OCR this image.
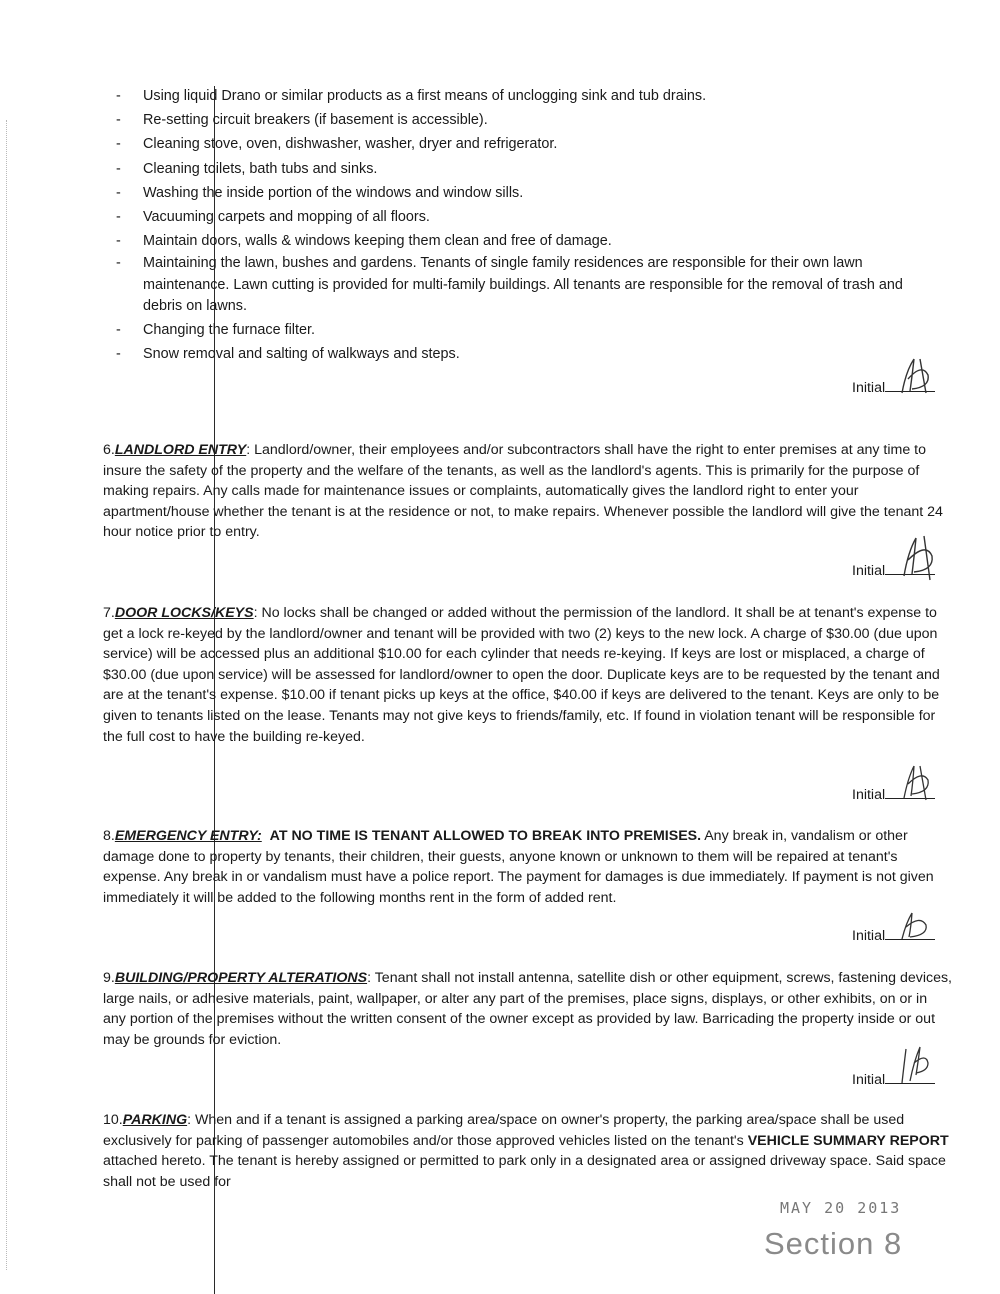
- Using liquid Drano or similar products as a first means of unclogging sink and tub drains.
- Re-setting circuit breakers (if basement is accessible).
- Cleaning stove, oven, dishwasher, washer, dryer and refrigerator.
- Cleaning toilets, bath tubs and sinks.
- Washing the inside portion of the windows and window sills.
- Vacuuming carpets and mopping of all floors.
- Maintain doors, walls & windows keeping them clean and free of damage.
- Maintaining the lawn, bushes and gardens. Tenants of single family residences are responsible for their own lawn maintenance. Lawn cutting is provided for multi-family buildings. All tenants are responsible for the removal of trash and debris on lawns.
- Changing the furnace filter.
- Snow removal and salting of walkways and steps.
Initial
Initial
Initial
Initial
Initial

6.LANDLORD ENTRY: Landlord/owner, their employees and/or subcontractors shall have the right to enter premises at any time to insure the safety of the property and the welfare of the tenants, as well as the landlord's agents. This is primarily for the purpose of making repairs. Any calls made for maintenance issues or complaints, automatically gives the landlord right to enter your apartment/house whether the tenant is at the residence or not, to make repairs. Whenever possible the landlord will give the tenant 24 hour notice prior to entry.

7.DOOR LOCKS/KEYS: No locks shall be changed or added without the permission of the landlord. It shall be at tenant's expense to get a lock re-keyed by the landlord/owner and tenant will be provided with two (2) keys to the new lock. A charge of $30.00 (due upon service) will be accessed plus an additional $10.00 for each cylinder that needs re-keying. If keys are lost or misplaced, a charge of $30.00 (due upon service) will be assessed for landlord/owner to open the door. Duplicate keys are to be requested by the tenant and are at the tenant's expense. $10.00 if tenant picks up keys at the office, $40.00 if keys are delivered to the tenant. Keys are only to be given to tenants listed on the lease. Tenants may not give keys to friends/family, etc. If found in violation tenant will be responsible for the full cost to have the building re-keyed.

8.EMERGENCY ENTRY: AT NO TIME IS TENANT ALLOWED TO BREAK INTO PREMISES. Any break in, vandalism or other damage done to property by tenants, their children, their guests, anyone known or unknown to them will be repaired at tenant's expense. Any break in or vandalism must have a police report. The payment for damages is due immediately. If payment is not given immediately it will be added to the following months rent in the form of added rent.

9.BUILDING/PROPERTY ALTERATIONS: Tenant shall not install antenna, satellite dish or other equipment, screws, fastening devices, large nails, or adhesive materials, paint, wallpaper, or alter any part of the premises, place signs, displays, or other exhibits, on or in any portion of the premises without the written consent of the owner except as provided by law. Barricading the property inside or out may be grounds for eviction.

10.PARKING: When and if a tenant is assigned a parking area/space on owner's property, the parking area/space shall be used exclusively for parking of passenger automobiles and/or those approved vehicles listed on the tenant's VEHICLE SUMMARY REPORT attached hereto. The tenant is hereby assigned or permitted to park only in a designated area or assigned driveway space. Said space shall not be used for

MAY 20 2013
Section 8
